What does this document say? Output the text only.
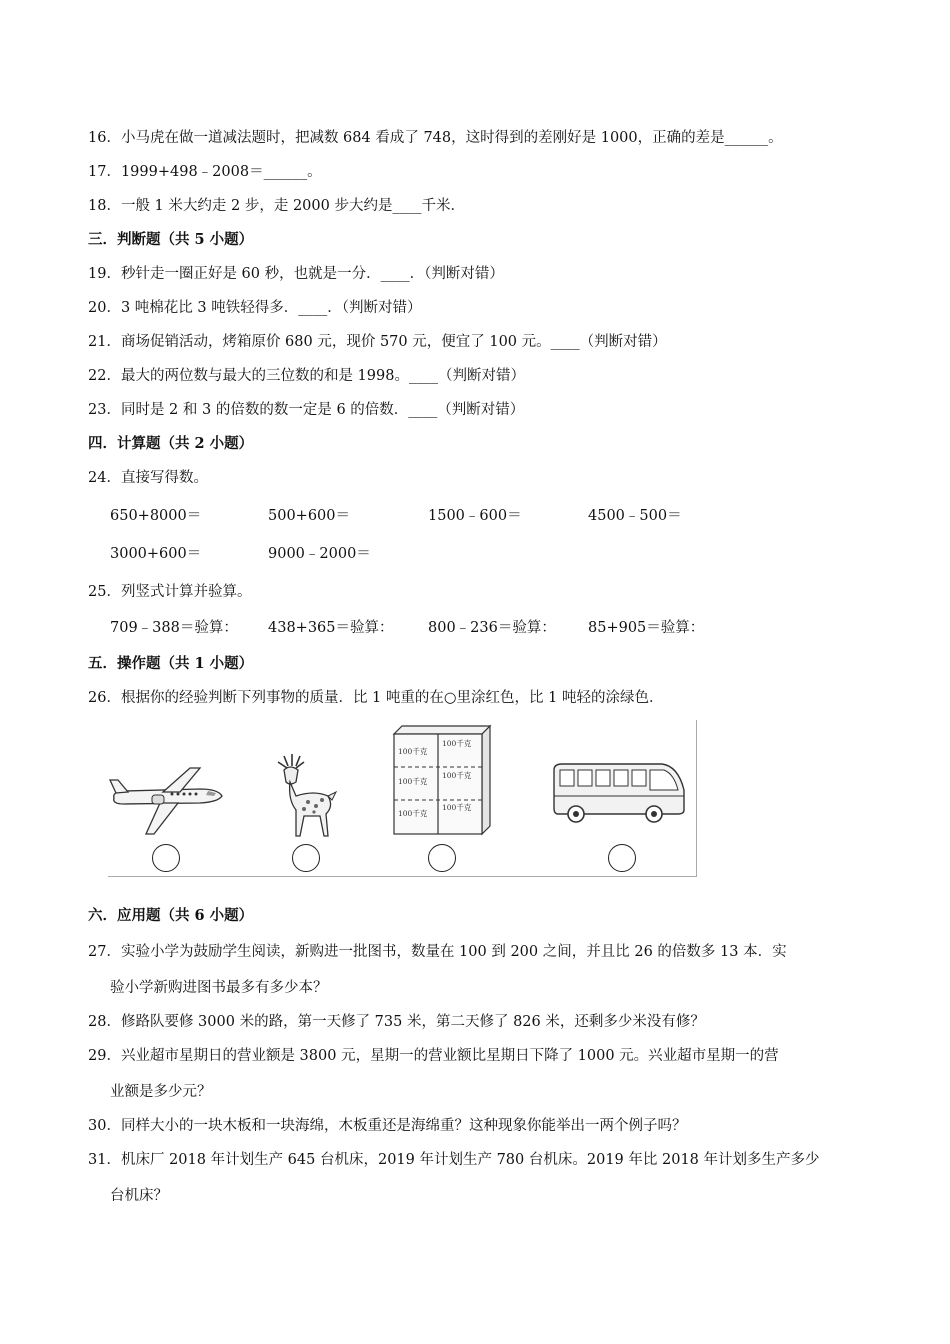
16．小马虎在做一道减法题时，把减数 684 看成了 748，这时得到的差刚好是 1000，正确的差是______。
17．1999+498﹣2008＝______。
18．一般 1 米大约走 2 步，走 2000 步大约是____千米．
三．判断题（共 5 小题）
19．秒针走一圈正好是 60 秒，也就是一分．____．（判断对错）
20．3 吨棉花比 3 吨铁轻得多．____．（判断对错）
21．商场促销活动，烤箱原价 680 元，现价 570 元，便宜了 100 元。____（判断对错）
22．最大的两位数与最大的三位数的和是 1998。____（判断对错）
23．同时是 2 和 3 的倍数的数一定是 6 的倍数．____（判断对错）
四．计算题（共 2 小题）
24．直接写得数。
650+8000＝	500+600＝	1500﹣600＝	4500﹣500＝
3000+600＝	9000﹣2000＝
25．列竖式计算并验算。
709﹣388＝验算： 438+365＝验算： 800﹣236＝验算： 85+905＝验算：
五．操作题（共 1 小题）
26．根据你的经验判断下列事物的质量．比 1 吨重的在○里涂红色，比 1 吨轻的涂绿色．
100千克
100千克
100千克
100千克
100千克
100千克
六．应用题（共 6 小题）
27．实验小学为鼓励学生阅读，新购进一批图书，数量在 100 到 200 之间，并且比 26 的倍数多 13 本．实
验小学新购进图书最多有多少本？
28．修路队要修 3000 米的路，第一天修了 735 米，第二天修了 826 米，还剩多少米没有修？
29．兴业超市星期日的营业额是 3800 元，星期一的营业额比星期日下降了 1000 元。兴业超市星期一的营
业额是多少元？
30．同样大小的一块木板和一块海绵，木板重还是海绵重？这种现象你能举出一两个例子吗？
31．机床厂 2018 年计划生产 645 台机床，2019 年计划生产 780 台机床。2019 年比 2018 年计划多生产多少
台机床？
